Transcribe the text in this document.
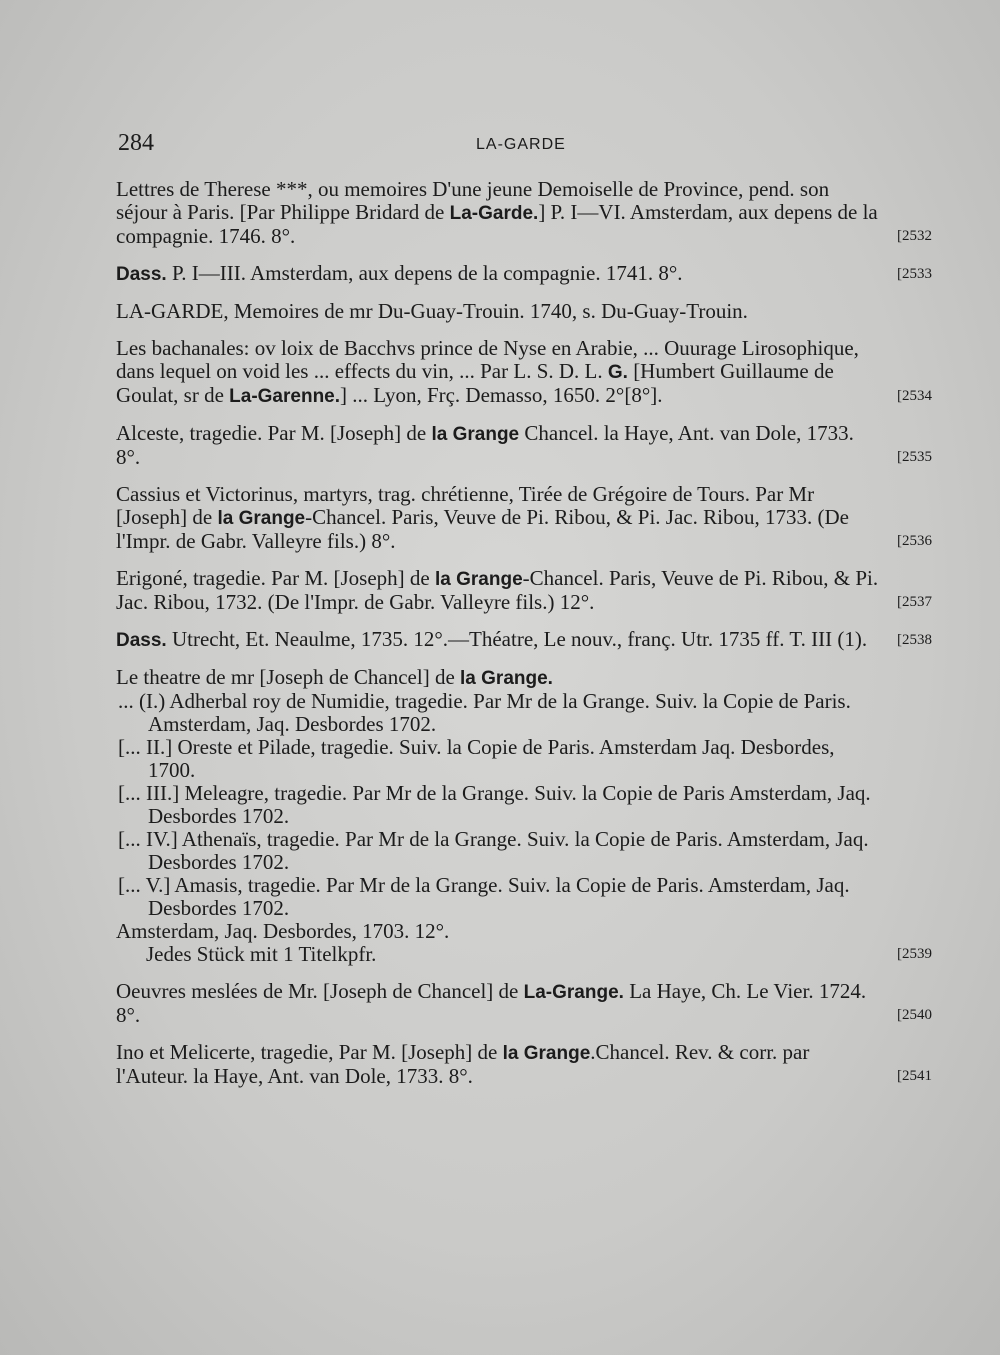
284	LA-GARDE
Lettres de Therese ***, ou memoires D'une jeune Demoiselle de Province, pend. son séjour à Paris. [Par Philippe Bridard de La-Garde.] P. I—VI. Amsterdam, aux depens de la compagnie. 1746. 8°.	[2532
Dass. P. I—III. Amsterdam, aux depens de la compagnie. 1741. 8°.	[2533
LA-GARDE, Memoires de mr Du-Guay-Trouin. 1740, s. Du-Guay-Trouin.
Les bachanales: ov loix de Bacchvs prince de Nyse en Arabie, ... Ouurage Lirosophique, dans lequel on void les ... effects du vin, ... Par L. S. D. L. G. [Humbert Guillaume de Goulat, sr de La-Garenne.] ... Lyon, Frç. Demasso, 1650. 2°[8°].	[2534
Alceste, tragedie. Par M. [Joseph] de la Grange Chancel. la Haye, Ant. van Dole, 1733. 8°.	[2535
Cassius et Victorinus, martyrs, trag. chrétienne, Tirée de Grégoire de Tours. Par Mr [Joseph] de la Grange-Chancel. Paris, Veuve de Pi. Ribou, & Pi. Jac. Ribou, 1733. (De l'Impr. de Gabr. Valleyre fils.) 8°.	[2536
Erigoné, tragedie. Par M. [Joseph] de la Grange-Chancel. Paris, Veuve de Pi. Ribou, & Pi. Jac. Ribou, 1732. (De l'Impr. de Gabr. Valleyre fils.) 12°.	[2537
Dass. Utrecht, Et. Neaulme, 1735. 12°.—Théatre, Le nouv., franç. Utr. 1735 ff. T. III (1). [2538
Le theatre de mr [Joseph de Chancel] de la Grange.
... (I.) Adherbal roy de Numidie, tragedie. Par Mr de la Grange. Suiv. la Copie de Paris. Amsterdam, Jaq. Desbordes 1702.
[... II.] Oreste et Pilade, tragedie. Suiv. la Copie de Paris. Amsterdam Jaq. Desbordes, 1700.
[... III.] Meleagre, tragedie. Par Mr de la Grange. Suiv. la Copie de Paris Amsterdam, Jaq. Desbordes 1702.
[... IV.] Athenaïs, tragedie. Par Mr de la Grange. Suiv. la Copie de Paris. Amsterdam, Jaq. Desbordes 1702.
[... V.] Amasis, tragedie. Par Mr de la Grange. Suiv. la Copie de Paris. Amsterdam, Jaq. Desbordes 1702.
Amsterdam, Jaq. Desbordes, 1703. 12°.
Jedes Stück mit 1 Titelkpfr.	[2539
Oeuvres meslées de Mr. [Joseph de Chancel] de La-Grange. La Haye, Ch. Le Vier. 1724. 8°.	[2540
Ino et Melicerte, tragedie, Par M. [Joseph] de la Grange.Chancel. Rev. & corr. par l'Auteur. la Haye, Ant. van Dole, 1733. 8°.	[2541
